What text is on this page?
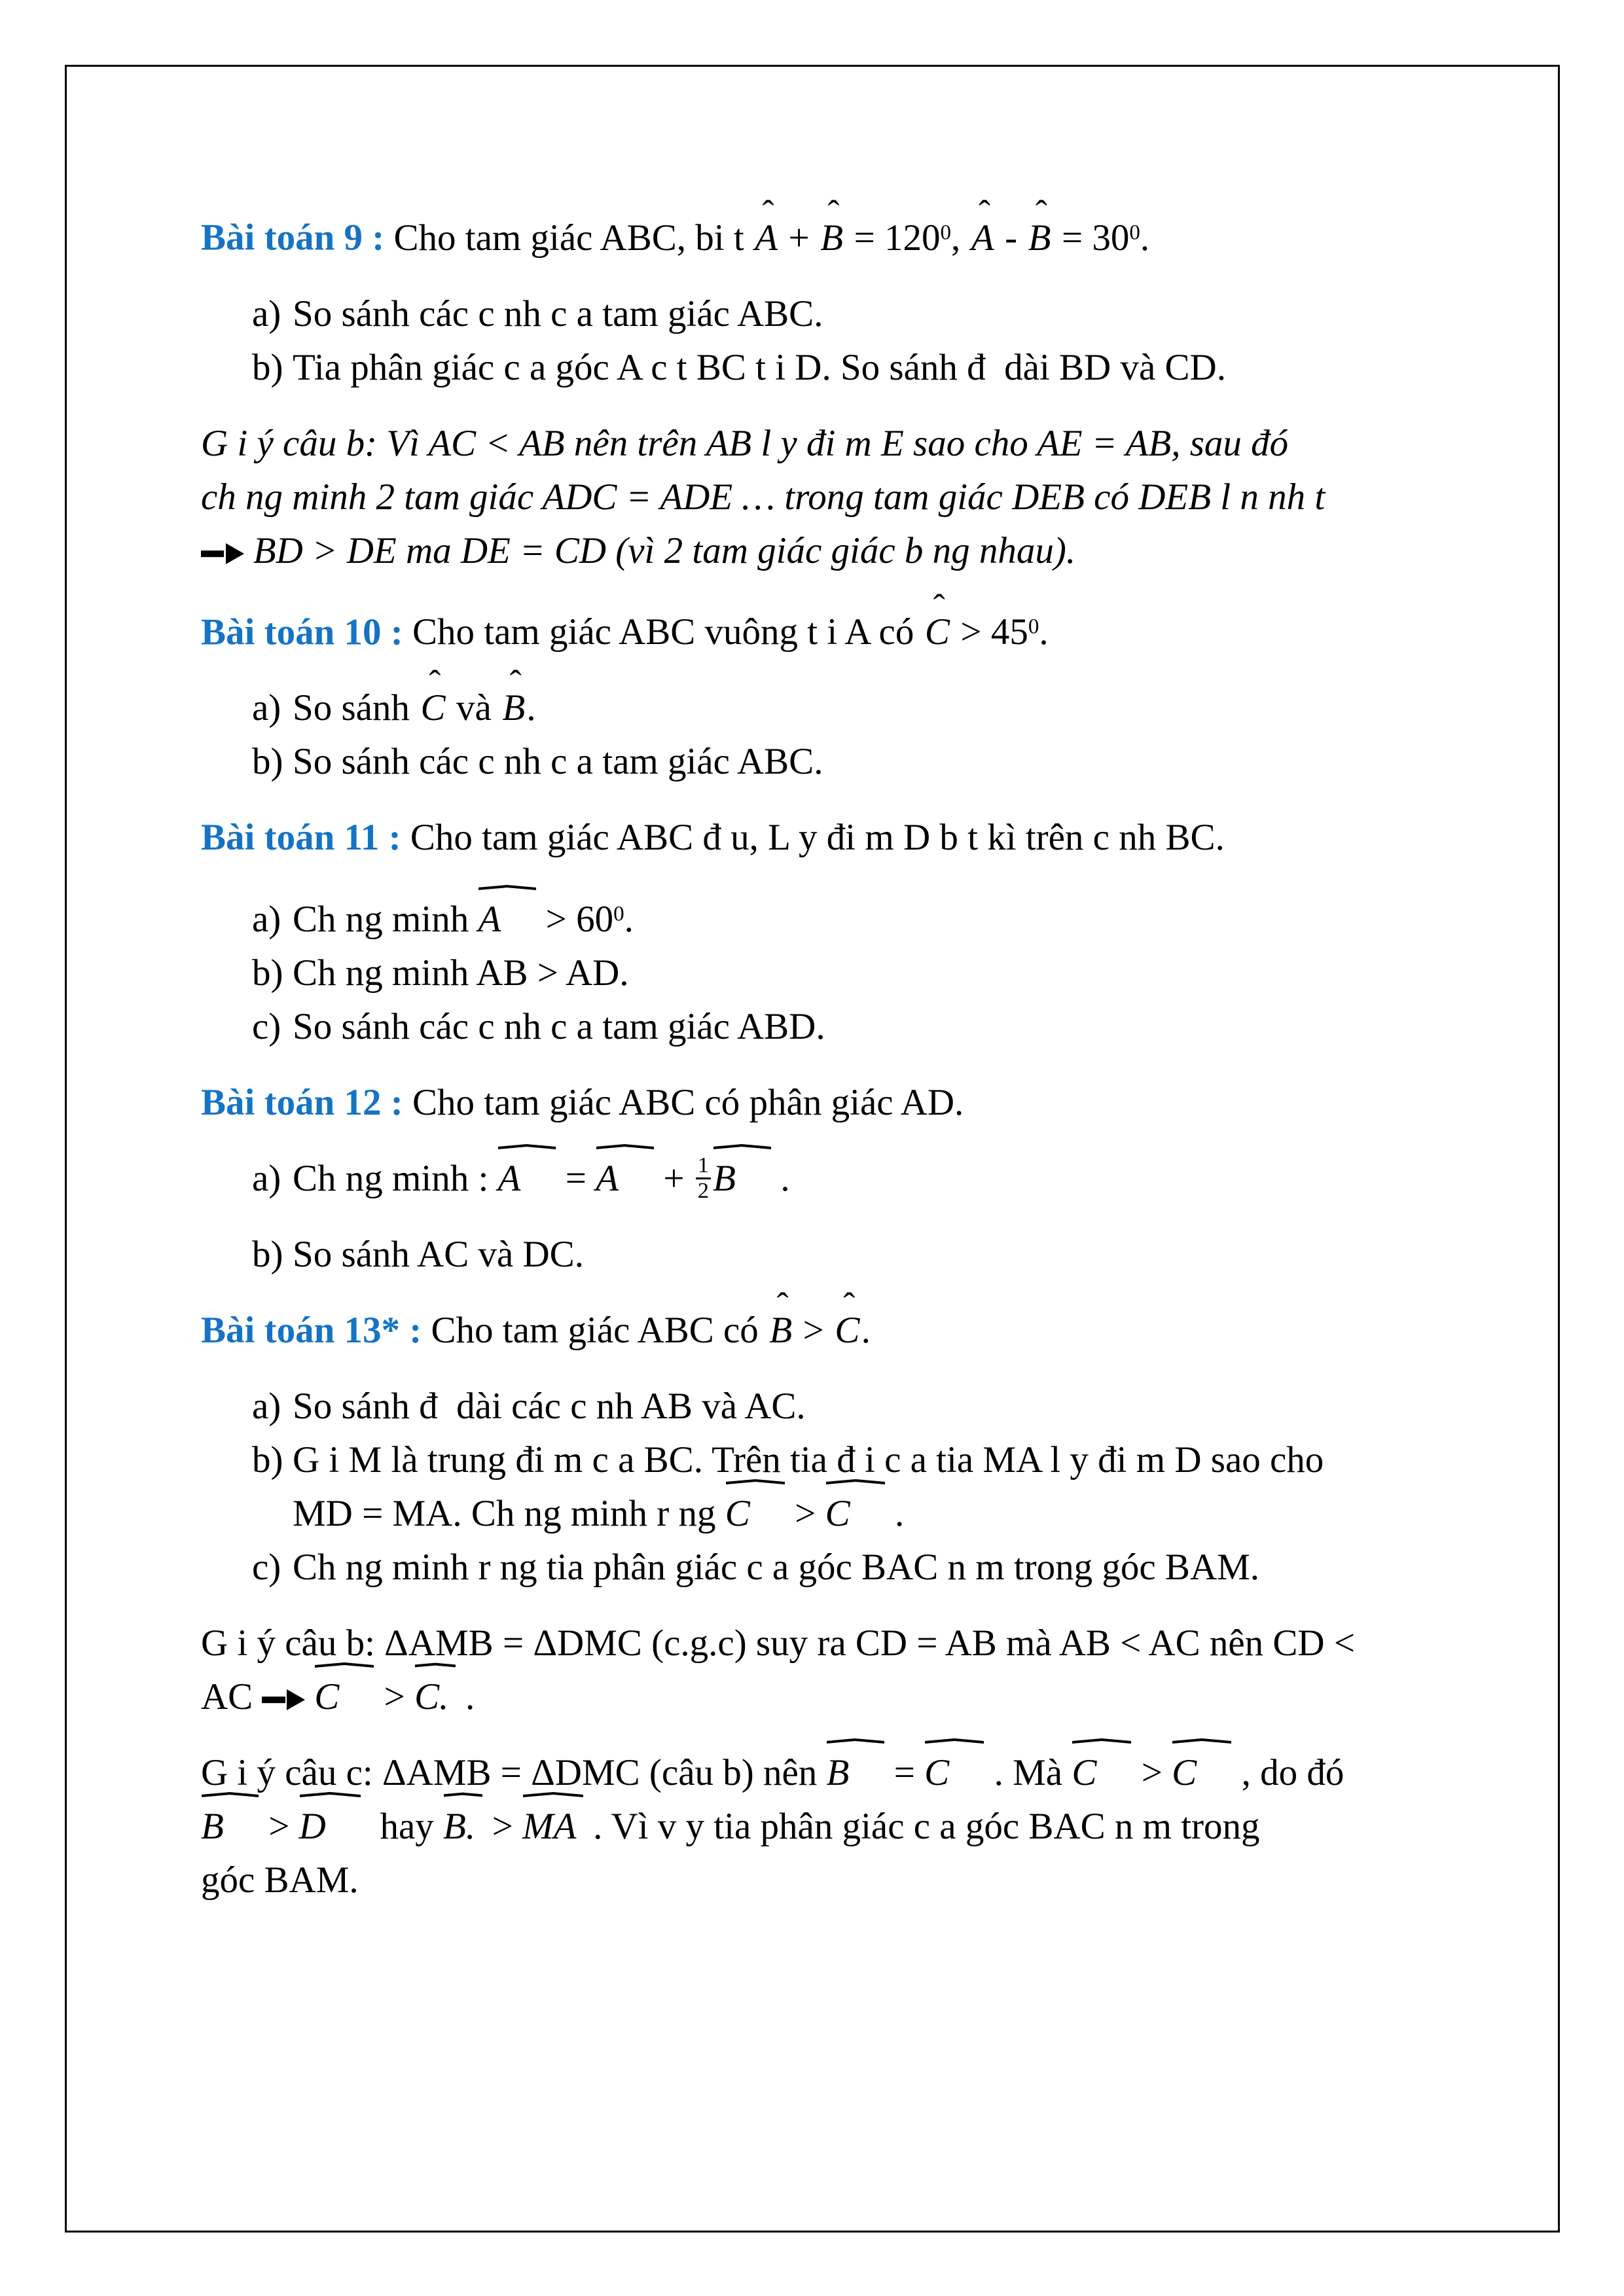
Bài toán 9 : Cho tam giác ABC, bi t A ˆ + B ˆ = $120^0$, A ˆ - B ˆ = $30^0$.
a) So sánh các c nh c a tam giác ABC.
b) Tia phân giác c a góc A c t BC t i D. So sánh đ  dài BD và CD.
G i ý câu b: Vì AC < AB nên trên AB l y đi m E sao cho AE = AB, sau đó
ch ng minh 2 tam giác ADC = ADE … trong tam giác DEB có DEB l n nh t
BD > DE ma DE = CD (vì 2 tam giác giác b ng nhau).
Bài toán 10 : Cho tam giác ABC vuông t i A có C ˆ > $45^0$.
a) So sánh C ˆ và B ˆ.
b) So sánh các c nh c a tam giác ABC.
Bài toán 11 : Cho tam giác ABC đ u, L y đi m D b t kì trên c nh BC.
a) Ch ng minh $A > 60^0$.
b) Ch ng minh AB > AD.
c) So sánh các c nh c a tam giác ABD.
Bài toán 12 : Cho tam giác ABC có phân giác AD.
a) Ch ng minh : $A = A + \frac{1}{2}$ B .
b) So sánh AC và DC.
Bài toán 13* : Cho tam giác ABC có B ˆ > C ˆ.
a) So sánh đ  dài các c nh AB và AC.
b) G i M là trung đi m c a BC. Trên tia đ i c a tia MA l y đi m D sao cho
MD = MA. Ch ng minh r ng C > C .
c) Ch ng minh r ng tia phân giác c a góc BAC n m trong góc BAM.
G i ý câu b: ΔAMB = ΔDMC (c.g.c) suy ra CD = AB mà AB < AC nên CD <
AC  C > C. .
G i ý câu c: ΔAMB = ΔDMC (câu b) nên B = C . Mà C > C , do đó
B > D  hay B. > MA . Vì v y tia phân giác c a góc BAC n m trong
góc BAM.
